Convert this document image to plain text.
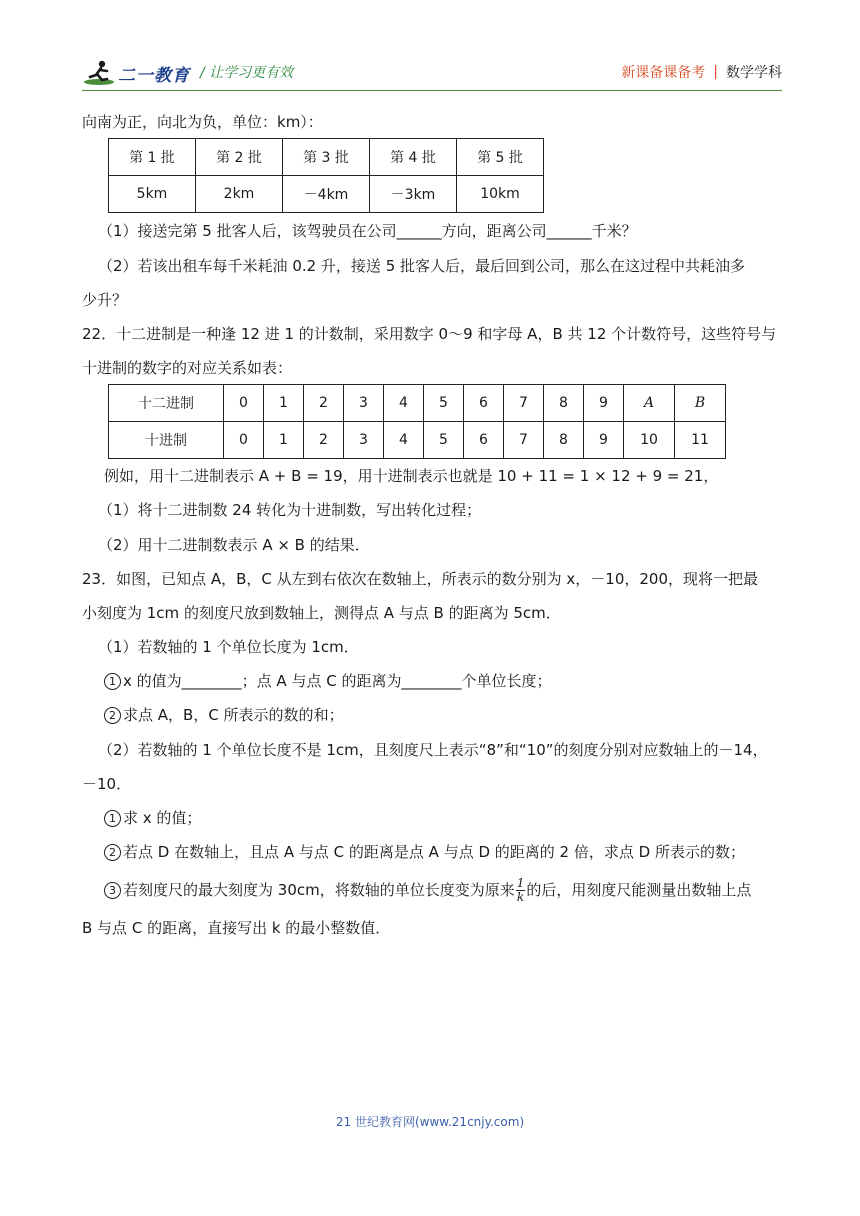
二一教育 / 让学习更有效	新课备课备考 | 数学学科
向南为正，向北为负，单位：km）：
第 1 批	第 2 批	第 3 批	第 4 批	第 5 批
5km	2km	－4km	－3km	10km
（1）接送完第 5 批客人后，该驾驶员在公司______方向，距离公司______千米？
（2）若该出租车每千米耗油 0.2 升，接送 5 批客人后，最后回到公司，那么在这过程中共耗油多
少升？
22．十二进制是一种逢 12 进 1 的计数制，采用数字 0～9 和字母 A，B 共 12 个计数符号，这些符号与
十进制的数字的对应关系如表：
十二进制	0	1	2	3	4	5	6	7	8	9	A	B
十进制	0	1	2	3	4	5	6	7	8	9	10	11
例如，用十二进制表示 A + B = 19，用十进制表示也就是 10 + 11 = 1 × 12 + 9 = 21，
（1）将十二进制数 24 转化为十进制数，写出转化过程；
（2）用十二进制数表示 A × B 的结果．
23．如图，已知点 A，B，C 从左到右依次在数轴上，所表示的数分别为 x，－10，200，现将一把最
小刻度为 1cm 的刻度尺放到数轴上，测得点 A 与点 B 的距离为 5cm．
（1）若数轴的 1 个单位长度为 1cm．
1 x 的值为________；点 A 与点 C 的距离为________个单位长度；
2 求点 A，B，C 所表示的数的和；
（2）若数轴的 1 个单位长度不是 1cm，且刻度尺上表示“8”和“10”的刻度分别对应数轴上的－14，
－10．
1 求 x 的值；
2 若点 D 在数轴上，且点 A 与点 C 的距离是点 A 与点 D 的距离的 2 倍，求点 D 所表示的数；
3 若刻度尺的最大刻度为 30cm，将数轴的单位长度变为原来 $\frac{1}{k}$ 的后，用刻度尺能测量出数轴上点
B 与点 C 的距离，直接写出 k 的最小整数值．
21 世纪教育网(www.21cnjy.com)
